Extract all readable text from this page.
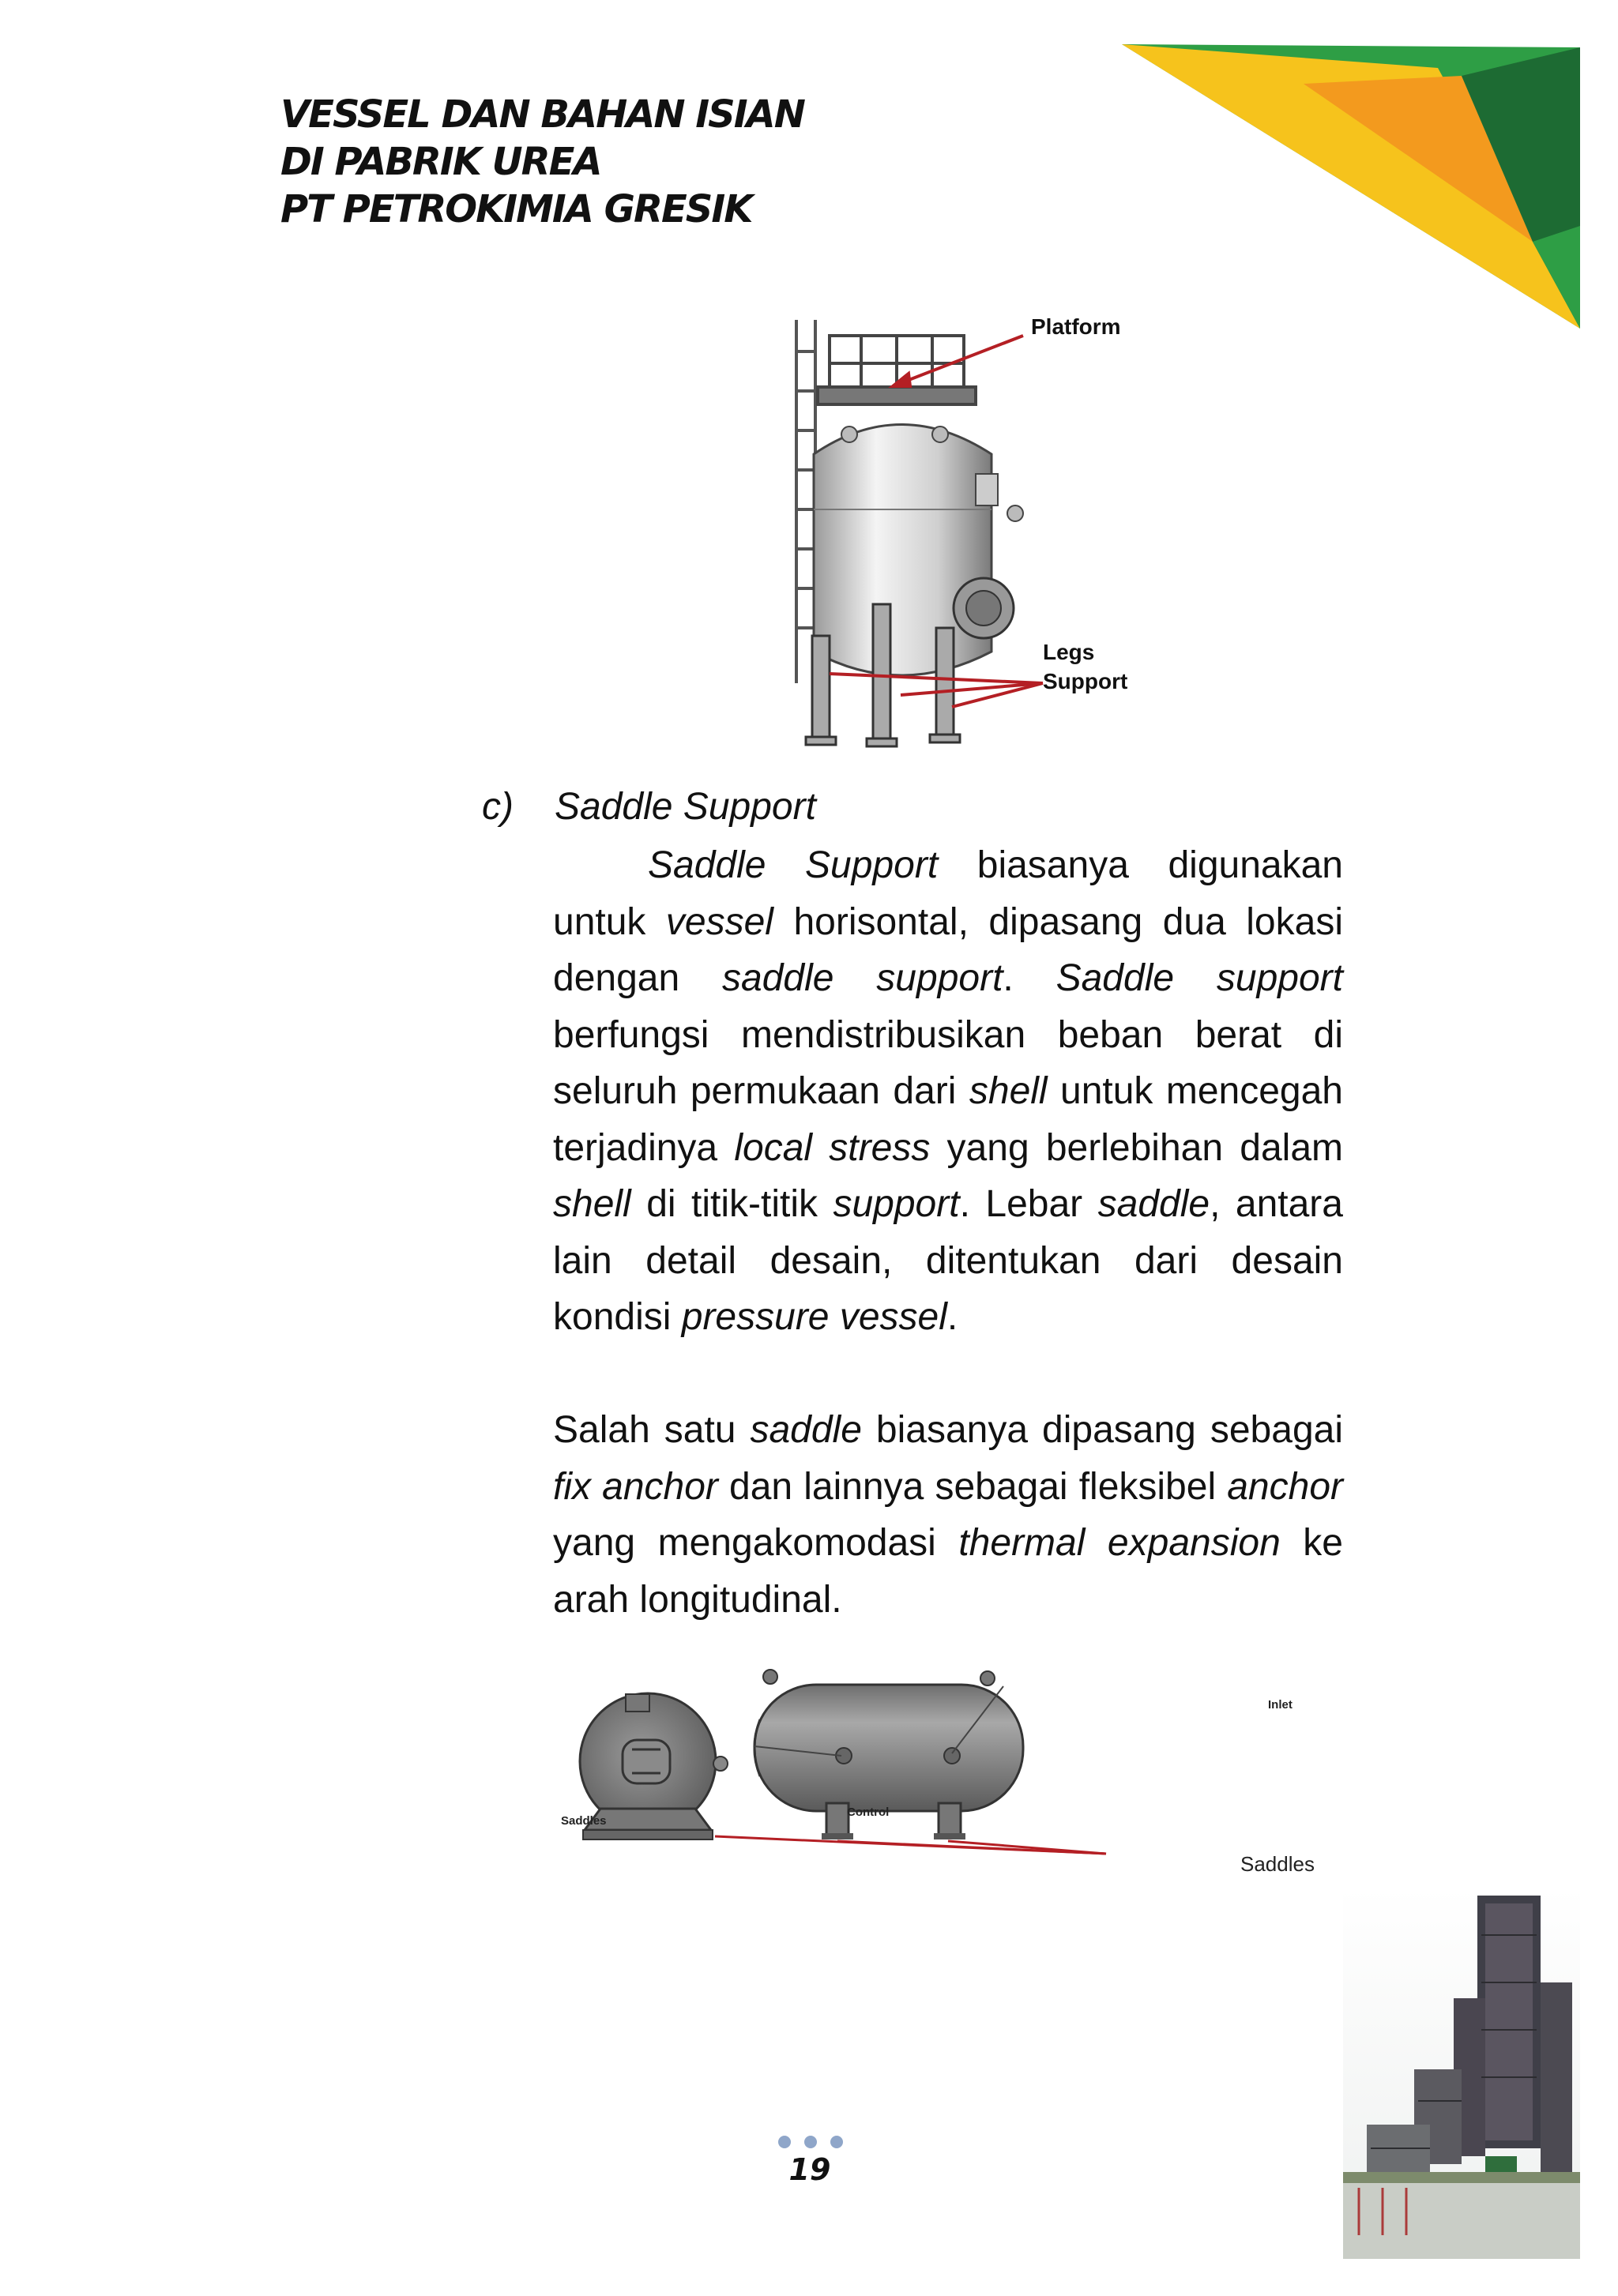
VESSEL DAN BAHAN ISIAN
DI PABRIK UREA
PT PETROKIMIA GRESIK
Platform
Legs
Support
c) Saddle Support
Saddle Support biasanya digunakan untuk vessel horisontal, dipasang dua lokasi dengan saddle support. Saddle support berfungsi mendistribusikan beban berat di seluruh permukaan dari shell untuk mencegah terjadinya local stress yang berlebihan dalam shell di titik-titik support. Lebar saddle, antara lain detail desain, ditentukan dari desain kondisi pressure vessel.
Salah satu saddle biasanya dipasang sebagai fix anchor dan lainnya sebagai fleksibel anchor yang mengakomodasi thermal expansion ke arah longitudinal.
Saddles
Control
Inlet
Saddles
19
